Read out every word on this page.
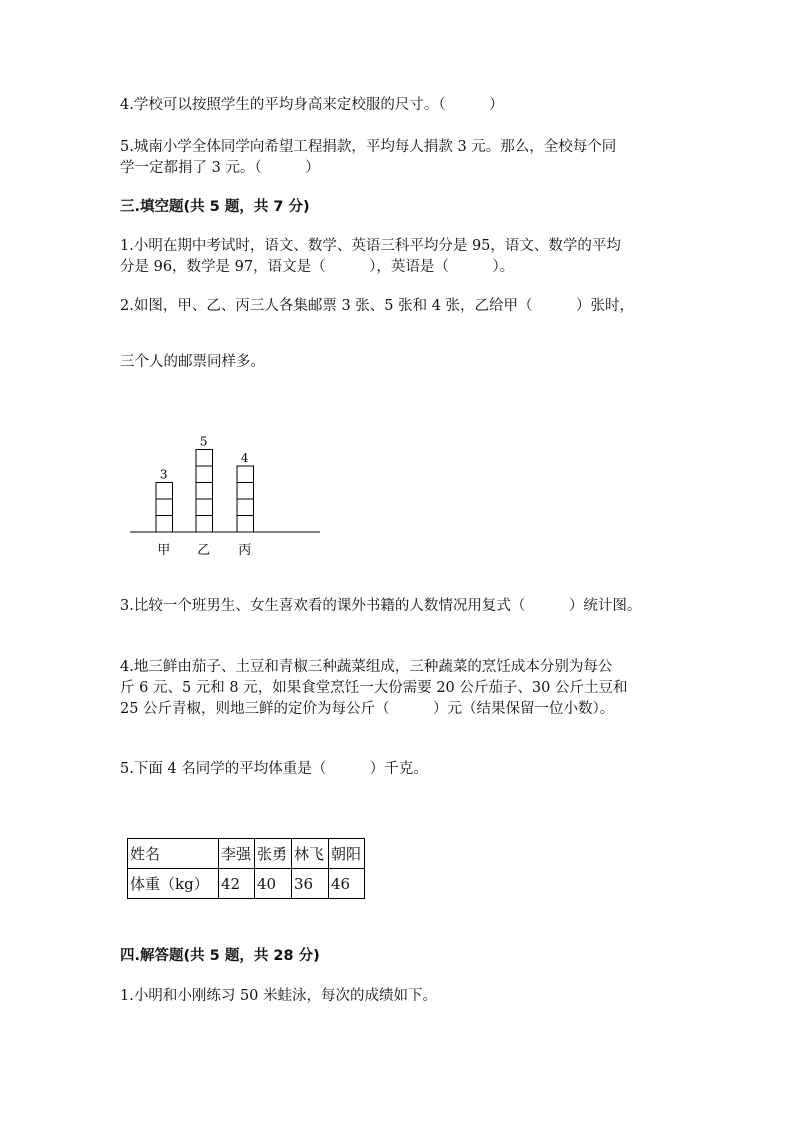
4.学校可以按照学生的平均身高来定校服的尺寸。（　　　）
5.城南小学全体同学向希望工程捐款，平均每人捐款 3 元。那么，全校每个同
学一定都捐了 3 元。（　　　）
三.填空题(共 5 题，共 7 分)
1.小明在期中考试时，语文、数学、英语三科平均分是 95，语文、数学的平均
分是 96，数学是 97，语文是（　　　），英语是（　　　）。
2.如图，甲、乙、丙三人各集邮票 3 张、5 张和 4 张，乙给甲（　　　）张时，
三个人的邮票同样多。
3
甲
5
乙
4
丙
3.比较一个班男生、女生喜欢看的课外书籍的人数情况用复式（　　　）统计图。
4.地三鲜由茄子、土豆和青椒三种蔬菜组成，三种蔬菜的烹饪成本分别为每公
斤 6 元、5 元和 8 元，如果食堂烹饪一大份需要 20 公斤茄子、30 公斤土豆和
25 公斤青椒，则地三鲜的定价为每公斤（　　　）元（结果保留一位小数）。
5.下面 4 名同学的平均体重是（　　　）千克。
姓名	李强	张勇	林飞	朝阳
体重（kg）	42	40	36	46
四.解答题(共 5 题，共 28 分)
1.小明和小刚练习 50 米蛙泳，每次的成绩如下。
